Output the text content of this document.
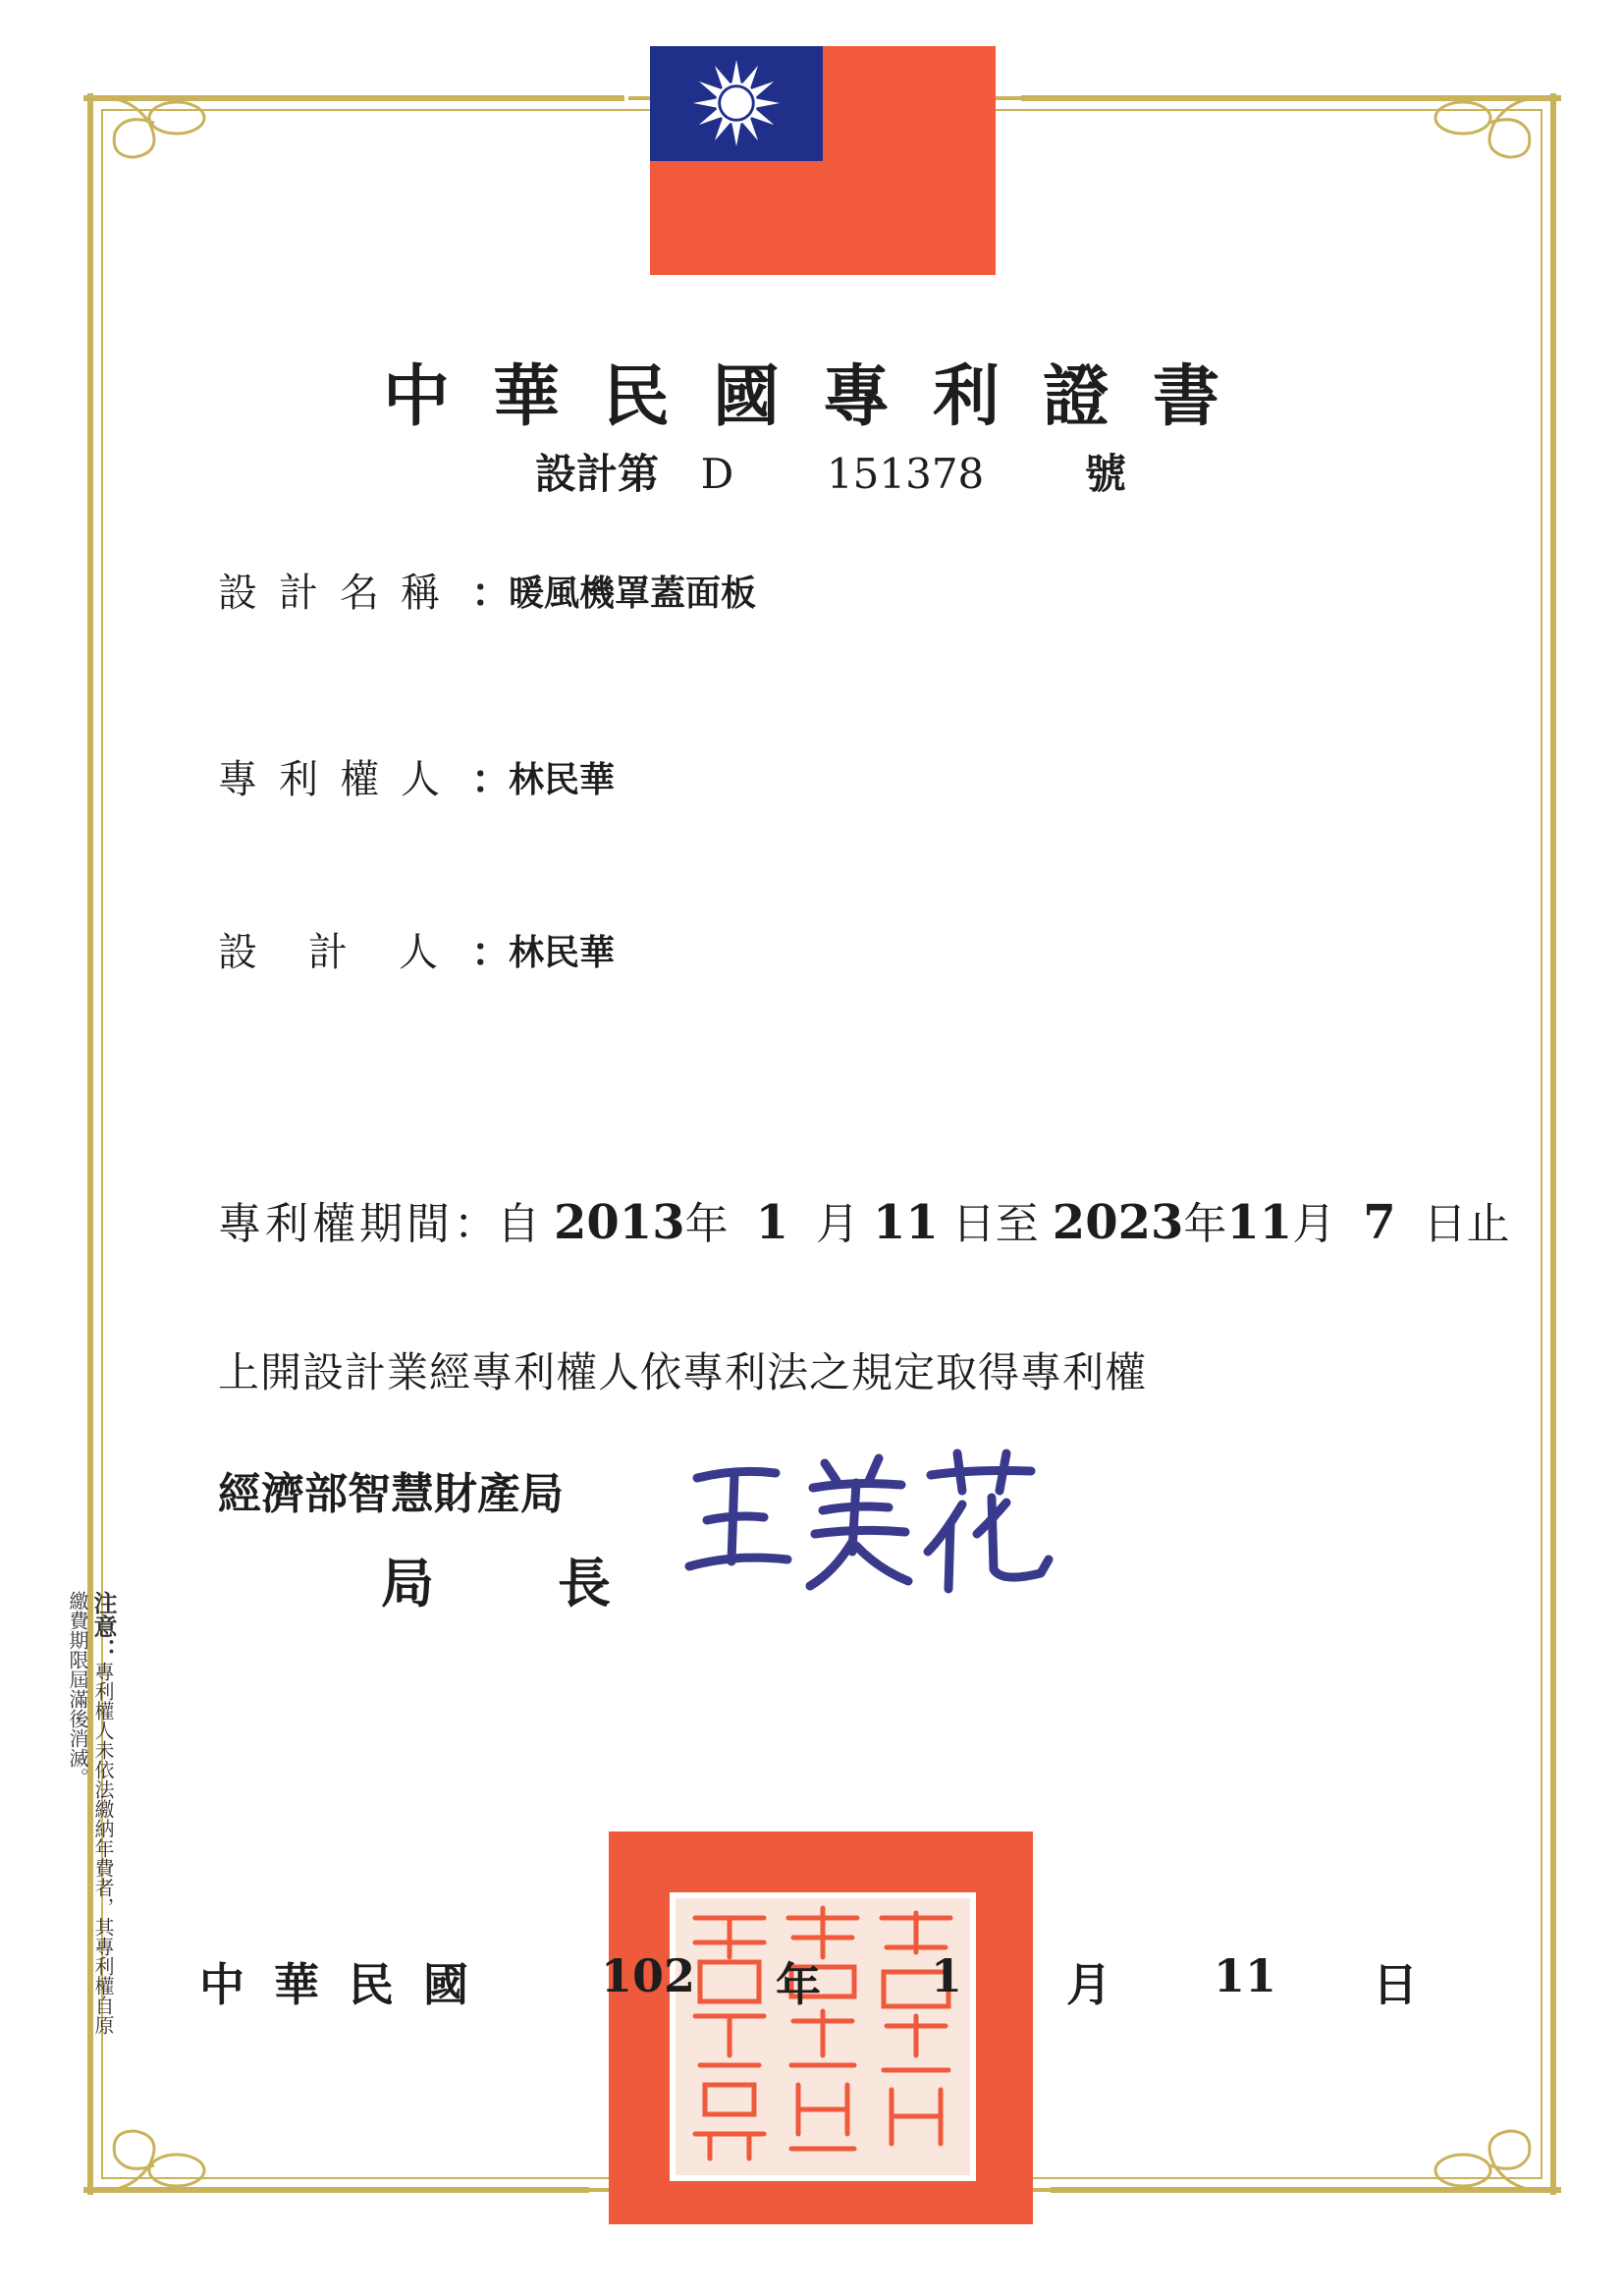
中華民國專利證書
設計第 D 151378 號
設計名稱 ：
暖風機罩蓋面板
專利權人 ：
林民華
設　計　人 ：
林民華
專利權期間：自 2013年 1 月 11 日至 2023年11月 7 日止
上開設計業經專利權人依專利法之規定取得專利權
經濟部智慧財產局
局 長
注意：專利權人未依法繳納年費者，其專利權自原繳費期限屆滿後消滅。
中華民國 102 年 1 月 11 日
